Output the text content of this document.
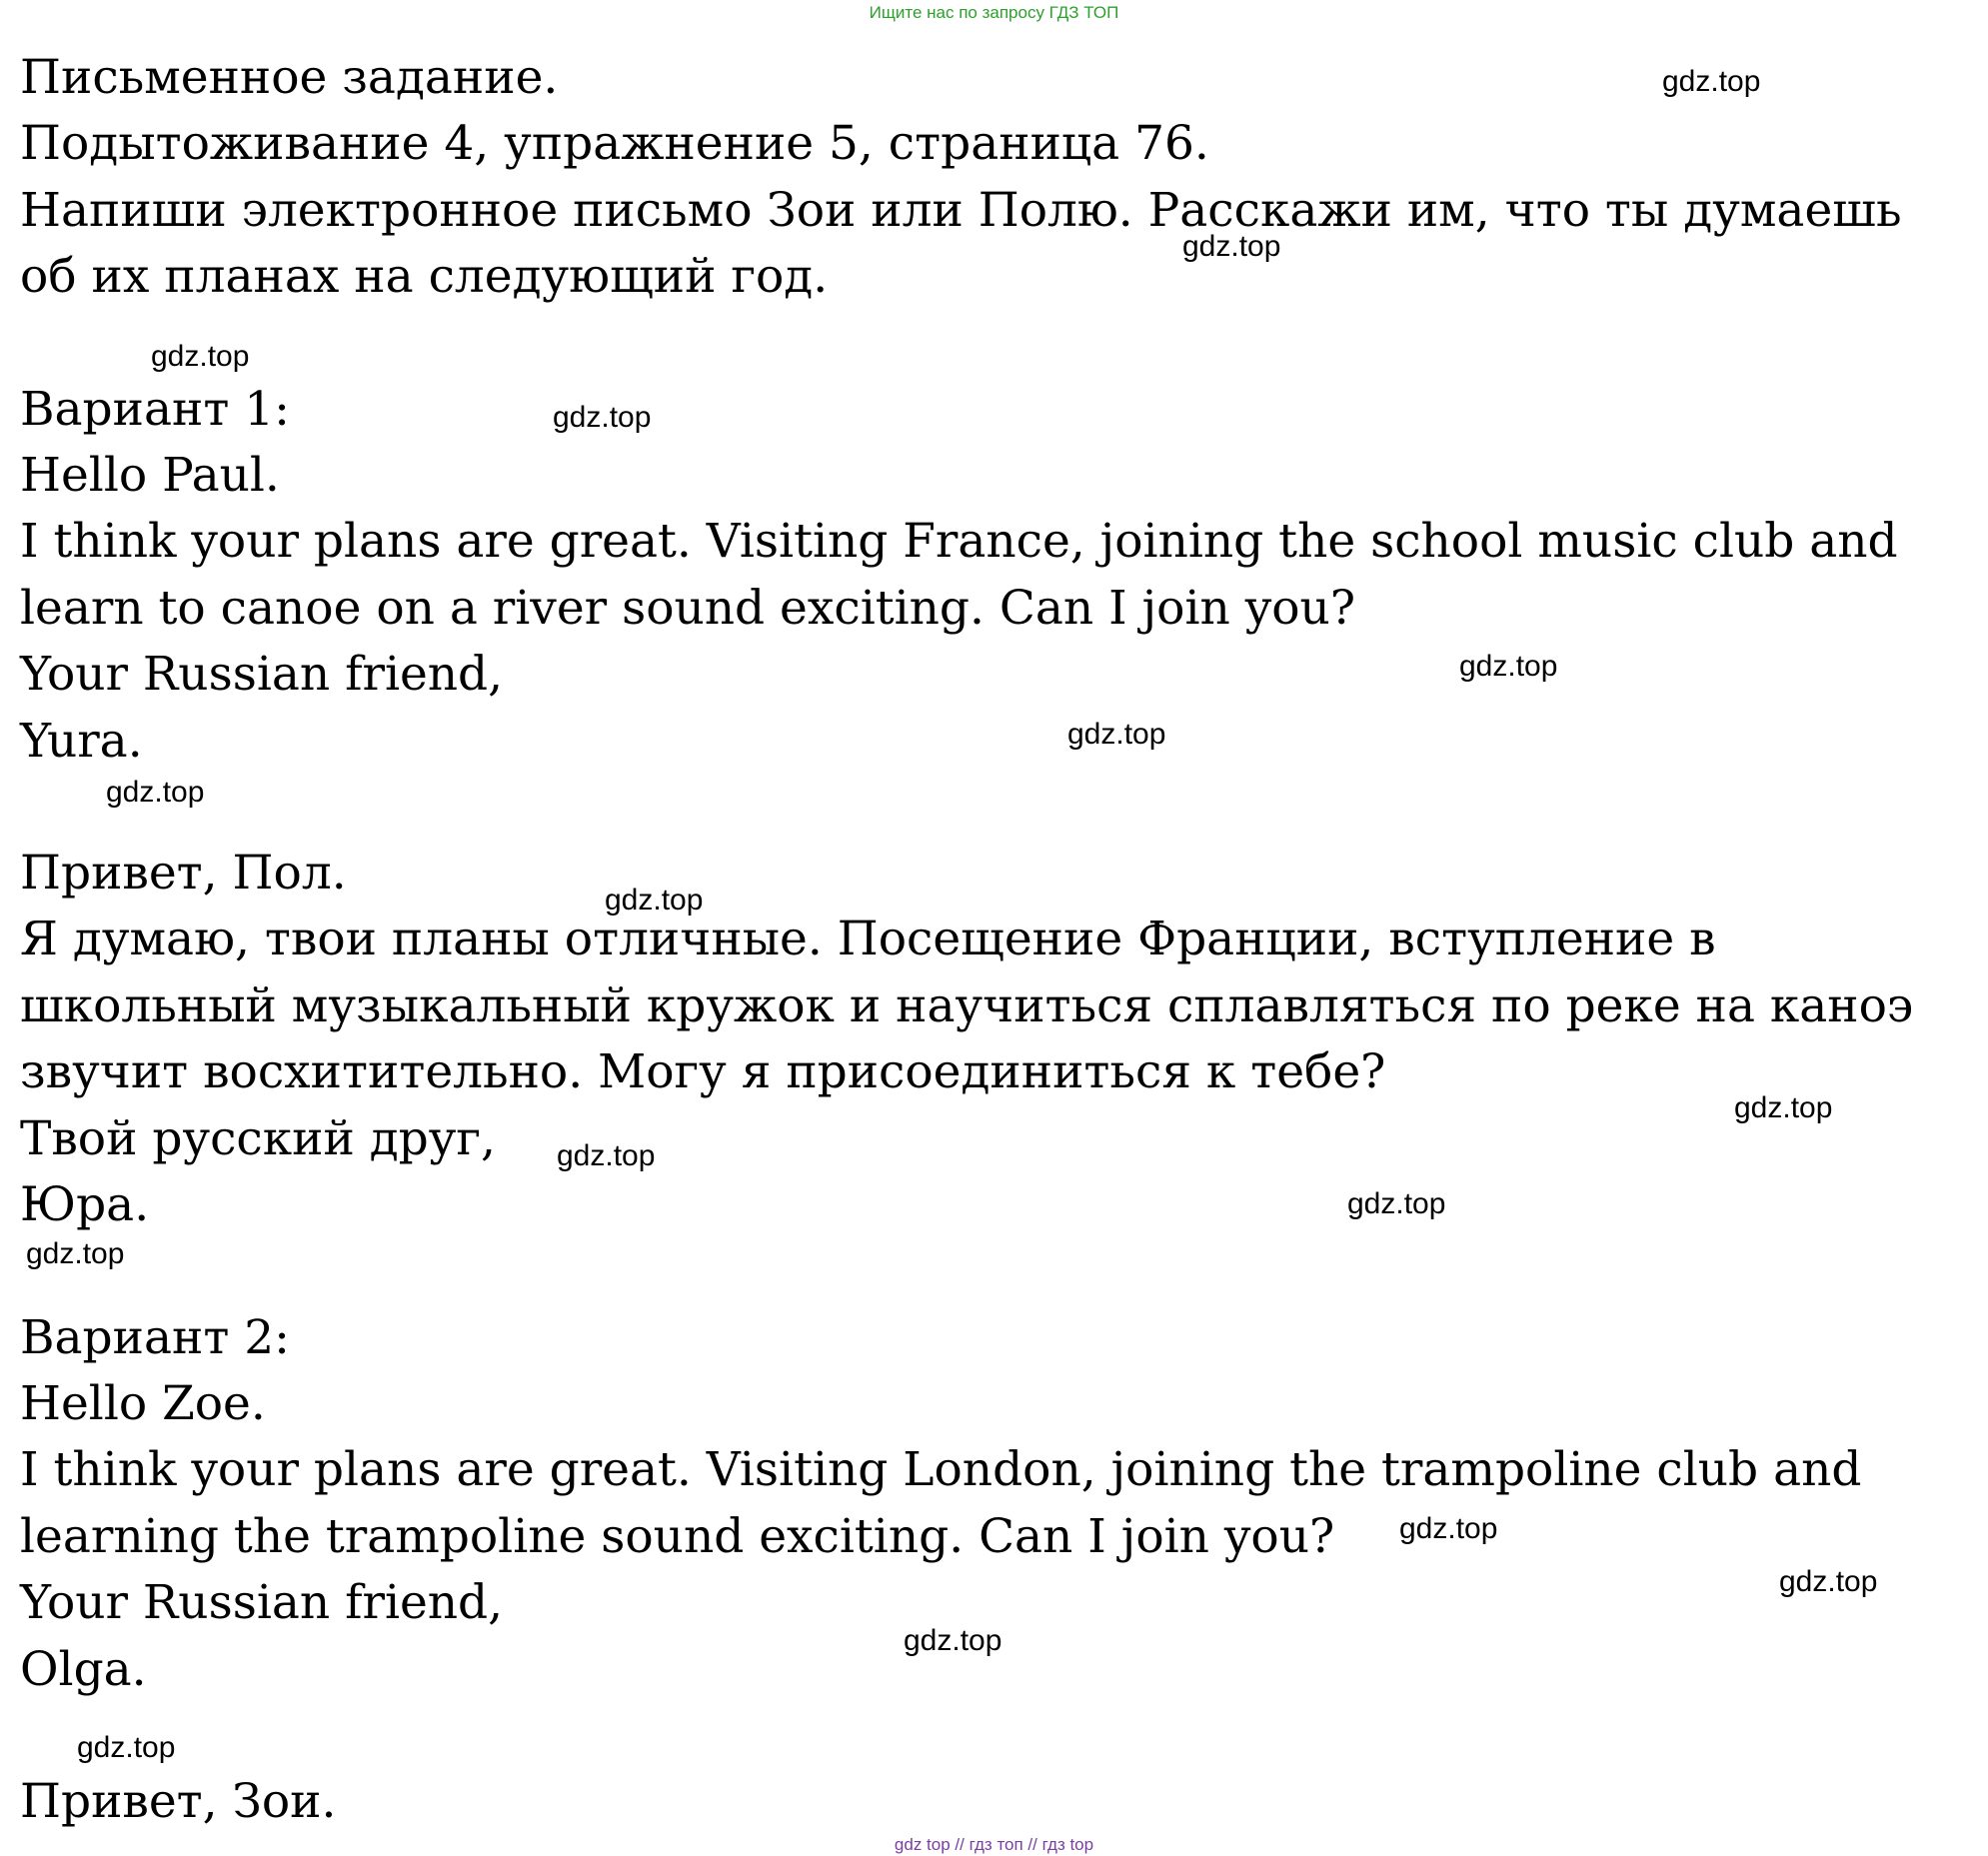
Ищите нас по запросу ГДЗ ТОП

Письменное задание.

Подытоживание 4, упражнение 5, страница 76.

Напиши электронное письмо Зои или Полю. Расскажи им, что ты думаешь
об их планах на следующий год.

Вариант 1:

Hello Paul.

I think your plans are great. Visiting France, joining the school music club and
learn to canoe on a river sound exciting. Can I join you?

Your Russian friend,

Yura.

Привет, Пол.

Я думаю, твои планы отличные. Посещение Франции, вступление в
школьный музыкальный кружок и научиться сплавляться по реке на каноэ
звучит восхитительно. Могу я присоединиться к тебе?

Твой русский друг,

Юра.

Вариант 2:

Hello Zoe.

I think your plans are great. Visiting London, joining the trampoline club and
learning the trampoline sound exciting. Can I join you?

Your Russian friend,

Olga.

Привет, Зои.

gdz.top
gdz.top
gdz.top
gdz.top
gdz.top
gdz.top
gdz.top
gdz.top
gdz.top
gdz.top
gdz.top
gdz.top
gdz.top
gdz.top
gdz.top
gdz.top
gdz top // гдз топ // гдз top
